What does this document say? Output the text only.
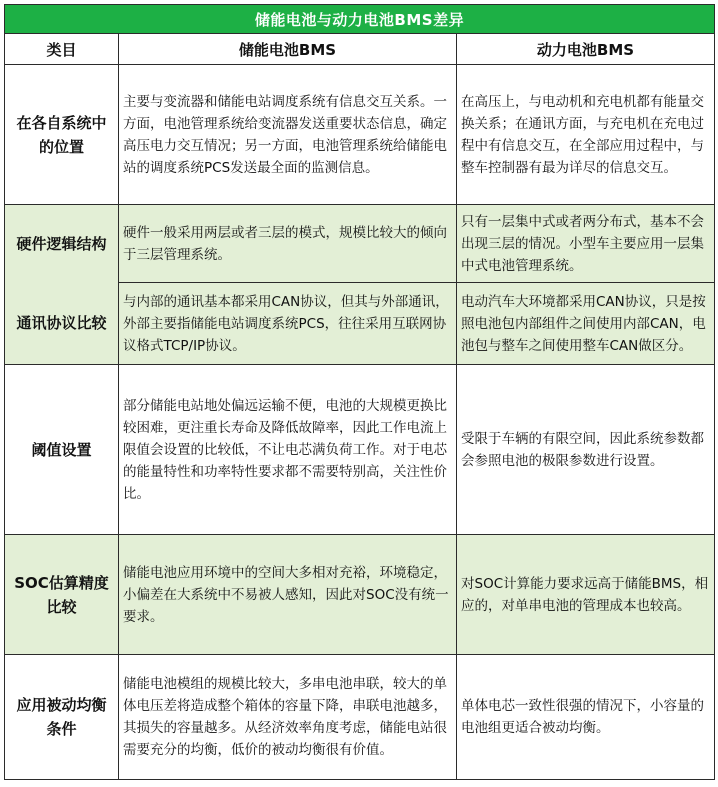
储能电池与动力电池BMS差异		
类目	储能电池BMS	动力电池BMS

在各自系统中
的位置	主要与变流器和储能电站调度系统有信息交互关系。一方面，电池管理系统给变流器发送重要状态信息，确定高压电力交互情况；另一方面，电池管理系统给储能电站的调度系统PCS发送最全面的监测信息。	在高压上，与电动机和充电机都有能量交换关系；在通讯方面，与充电机在充电过程中有信息交互，在全部应用过程中，与整车控制器有最为详尽的信息交互。
硬件逻辑结构	硬件一般采用两层或者三层的模式，规模比较大的倾向于三层管理系统。	只有一层集中式或者两分布式，基本不会出现三层的情况。小型车主要应用一层集中式电池管理系统。
通讯协议比较	与内部的通讯基本都采用CAN协议，但其与外部通讯，外部主要指储能电站调度系统PCS，往往采用互联网协议格式TCP/IP协议。	电动汽车大环境都采用CAN协议，只是按照电池包内部组件之间使用内部CAN，电池包与整车之间使用整车CAN做区分。
阈值设置	部分储能电站地处偏远运输不便，电池的大规模更换比较困难，更注重长寿命及降低故障率，因此工作电流上限值会设置的比较低，不让电芯满负荷工作。对于电芯的能量特性和功率特性要求都不需要特别高，关注性价比。	受限于车辆的有限空间，因此系统参数都会参照电池的极限参数进行设置。

SOC估算精度
比较	储能电池应用环境中的空间大多相对充裕，环境稳定，小偏差在大系统中不易被人感知，因此对SOC没有统一要求。	对SOC计算能力要求远高于储能BMS，相应的，对单串电池的管理成本也较高。

应用被动均衡
条件	储能电池模组的规模比较大，多串电池串联，较大的单体电压差将造成整个箱体的容量下降，串联电池越多，其损失的容量越多。从经济效率角度考虑，储能电站很需要充分的均衡，低价的被动均衡很有价值。	单体电芯一致性很强的情况下，小容量的电池组更适合被动均衡。
